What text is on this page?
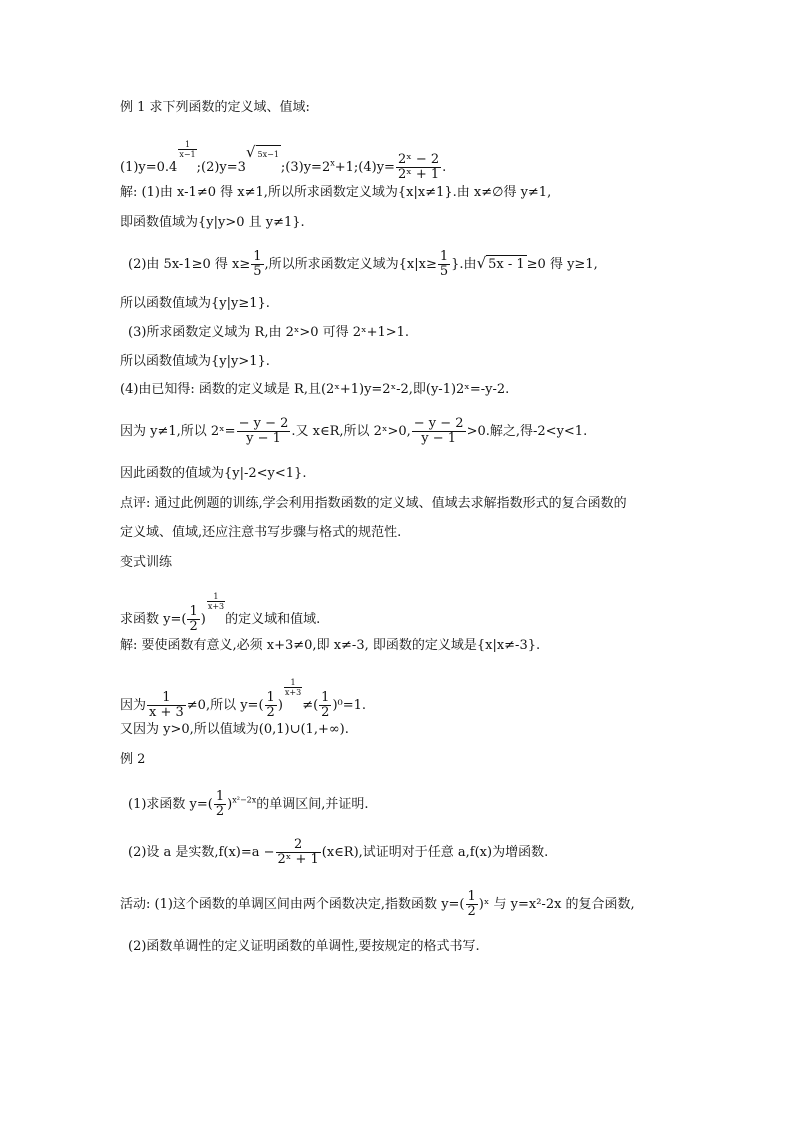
例 1 求下列函数的定义域、值域:
(1)y=0.4
$\frac{1}{x-1}$
$;(2)y=3^{√ 5x-1};(3)y=2^x+1;(4)y= \frac{\text{2ˣ − 2}}{\text{2ˣ + 1}}$ .
解: (1)由 x-1≠0 得 x≠1,所以所求函数定义域为{x|x≠1}.由 x≠∅得 y≠1,
即函数值域为{y|y>0 且 y≠1}.
(2)由 5x-1≥0 得 $x\ge \frac{1}{5}$ ,所以所求函数定义域为{$x|x\ge \frac{1}{5}$ }.由√ 5x - 1 ≥0 得 y≥1,
所以函数值域为{y|y≥1}.
(3)所求函数定义域为 R,由 2ˣ>0 可得 2ˣ+1>1.
所以函数值域为{y|y>1}.
(4)由已知得: 函数的定义域是 R,且(2ˣ+1)y=2ˣ-2,即(y-1)2ˣ=-y-2.
因为 y≠1,所以 2ˣ= $\frac{- y - 2}{y - 1}$ .又 x∈R,所以 2ˣ>0, $\frac{- y - 2}{y - 1} >0$.解之,得-2<y<1.
因此函数的值域为{y|-2<y<1}.
点评: 通过此例题的训练,学会利用指数函数的定义域、值域去求解指数形式的复合函数的
定义域、值域,还应注意书写步骤与格式的规范性.
变式训练
求函数 $y=( \frac{1}{2}$ )
$\frac{1}{x+3}$
的定义域和值域.
解: 要使函数有意义,必须 x+3≠0,即 x≠-3, 即函数的定义域是{x|x≠-3}.
因为 $\frac{1}{x + 3} \ne 0$,所以 $y=( \frac{1}{2}$ )
$\frac{1}{x+3}$
≠( $\frac{1}{2} )^0=1$.
又因为 y>0,所以值域为(0,1)∪(1,+∞).
例 2
(1)求函数 $y=( \frac{1}{2} )^{x^2-2x}$的单调区间,并证明.
(2)设 a 是实数$,f(x)=a - \frac{2}{\text{2ˣ + 1}}$ (x∈R),试证明对于任意 a,f(x)为增函数.
活动: (1)这个函数的单调区间由两个函数决定,指数函数 $y=( \frac{1}{2}$ )ˣ 与 y=x²-2x 的复合函数,
(2)函数单调性的定义证明函数的单调性,要按规定的格式书写.
